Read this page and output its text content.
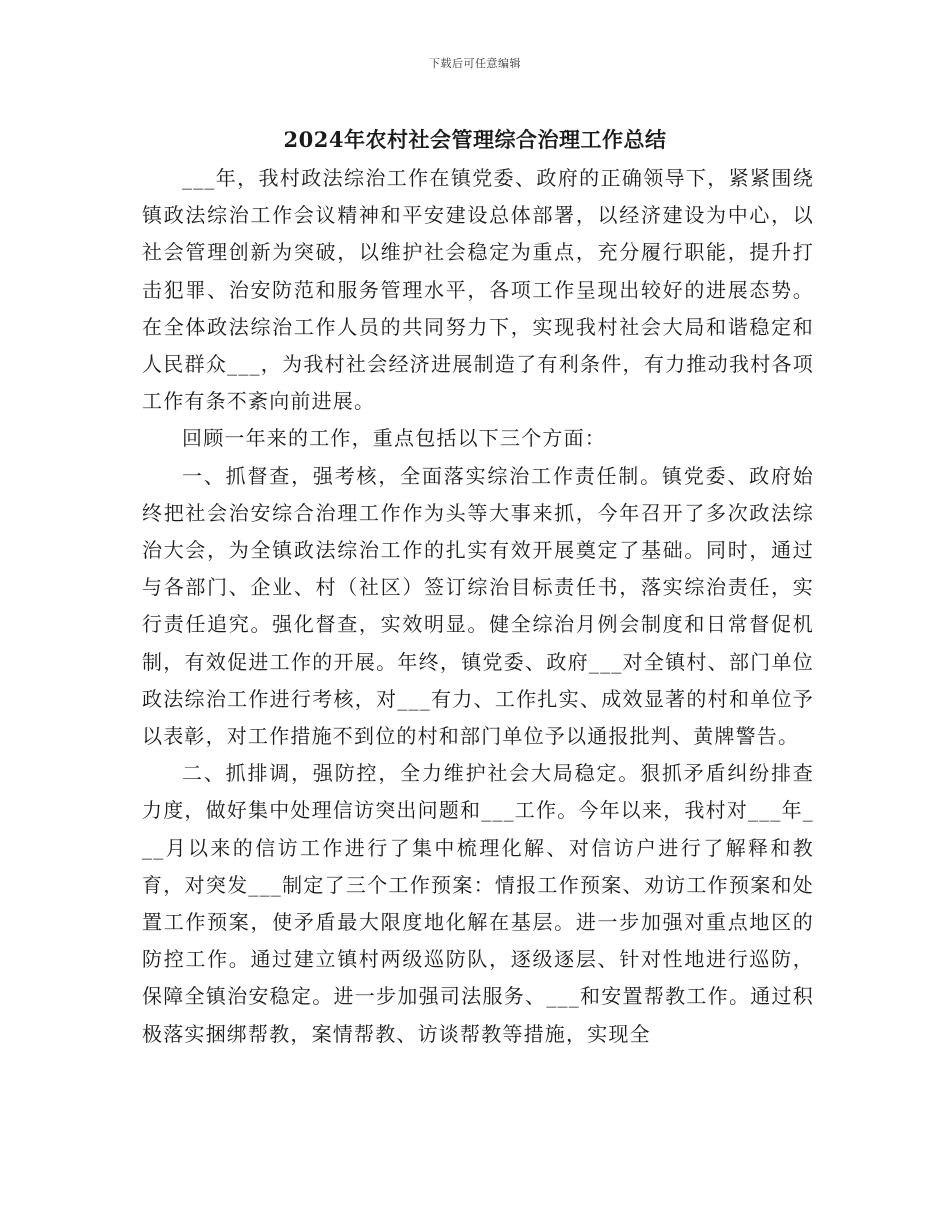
下载后可任意编辑
2024年农村社会管理综合治理工作总结

___年，我村政法综治工作在镇党委、政府的正确领导下，紧紧围绕镇政法综治工作会议精神和平安建设总体部署，以经济建设为中心，以社会管理创新为突破，以维护社会稳定为重点，充分履行职能，提升打击犯罪、治安防范和服务管理水平，各项工作呈现出较好的进展态势。在全体政法综治工作人员的共同努力下，实现我村社会大局和谐稳定和人民群众___，为我村社会经济进展制造了有利条件，有力推动我村各项工作有条不紊向前进展。

回顾一年来的工作，重点包括以下三个方面：

一、抓督查，强考核，全面落实综治工作责任制。镇党委、政府始终把社会治安综合治理工作作为头等大事来抓，今年召开了多次政法综治大会，为全镇政法综治工作的扎实有效开展奠定了基础。同时，通过与各部门、企业、村（社区）签订综治目标责任书，落实综治责任，实行责任追究。强化督查，实效明显。健全综治月例会制度和日常督促机制，有效促进工作的开展。年终，镇党委、政府___对全镇村、部门单位政法综治工作进行考核，对___有力、工作扎实、成效显著的村和单位予以表彰，对工作措施不到位的村和部门单位予以通报批判、黄牌警告。

二、抓排调，强防控，全力维护社会大局稳定。狠抓矛盾纠纷排查力度，做好集中处理信访突出问题和___工作。今年以来，我村对___年___月以来的信访工作进行了集中梳理化解、对信访户进行了解释和教育，对突发___制定了三个工作预案：情报工作预案、劝访工作预案和处置工作预案，使矛盾最大限度地化解在基层。进一步加强对重点地区的防控工作。通过建立镇村两级巡防队，逐级逐层、针对性地进行巡防，保障全镇治安稳定。进一步加强司法服务、___和安置帮教工作。通过积极落实捆绑帮教，案情帮教、访谈帮教等措施，实现全
